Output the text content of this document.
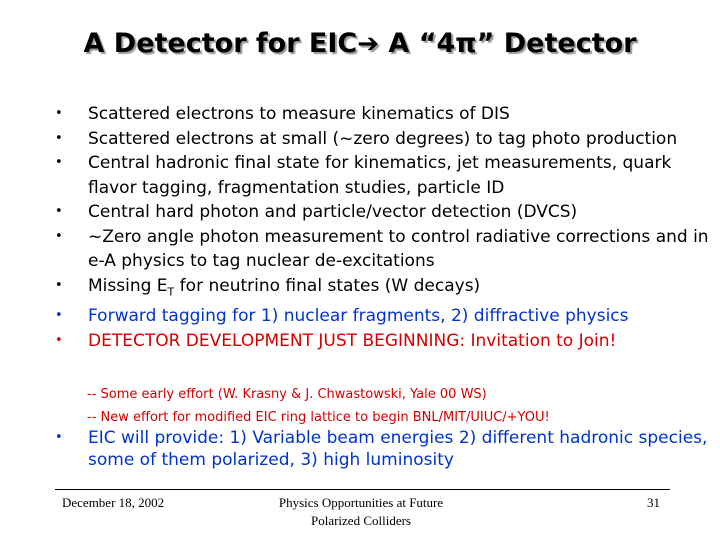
A Detector for EIC➔ A “4π” Detector
• Scattered electrons to measure kinematics of DIS
• Scattered electrons at small (~zero degrees) to tag photo production
• Central hadronic final state for kinematics, jet measurements, quark flavor tagging, fragmentation studies, particle ID
• Central hard photon and particle/vector detection (DVCS)
• ~Zero angle photon measurement to control radiative corrections and in e-A physics to tag nuclear de-excitations
• Missing $E_T$ for neutrino final states (W decays)
• Forward tagging for 1) nuclear fragments, 2) diffractive physics
• DETECTOR DEVELOPMENT JUST BEGINNING: Invitation to Join!
-- Some early effort (W. Krasny & J. Chwastowski, Yale 00 WS)
-- New effort for modified EIC ring lattice to begin BNL/MIT/UIUC/+YOU!
• EIC will provide: 1) Variable beam energies 2) different hadronic species, some of them polarized, 3) high luminosity
December 18, 2002	Physics Opportunities at Future
Polarized Colliders
31
